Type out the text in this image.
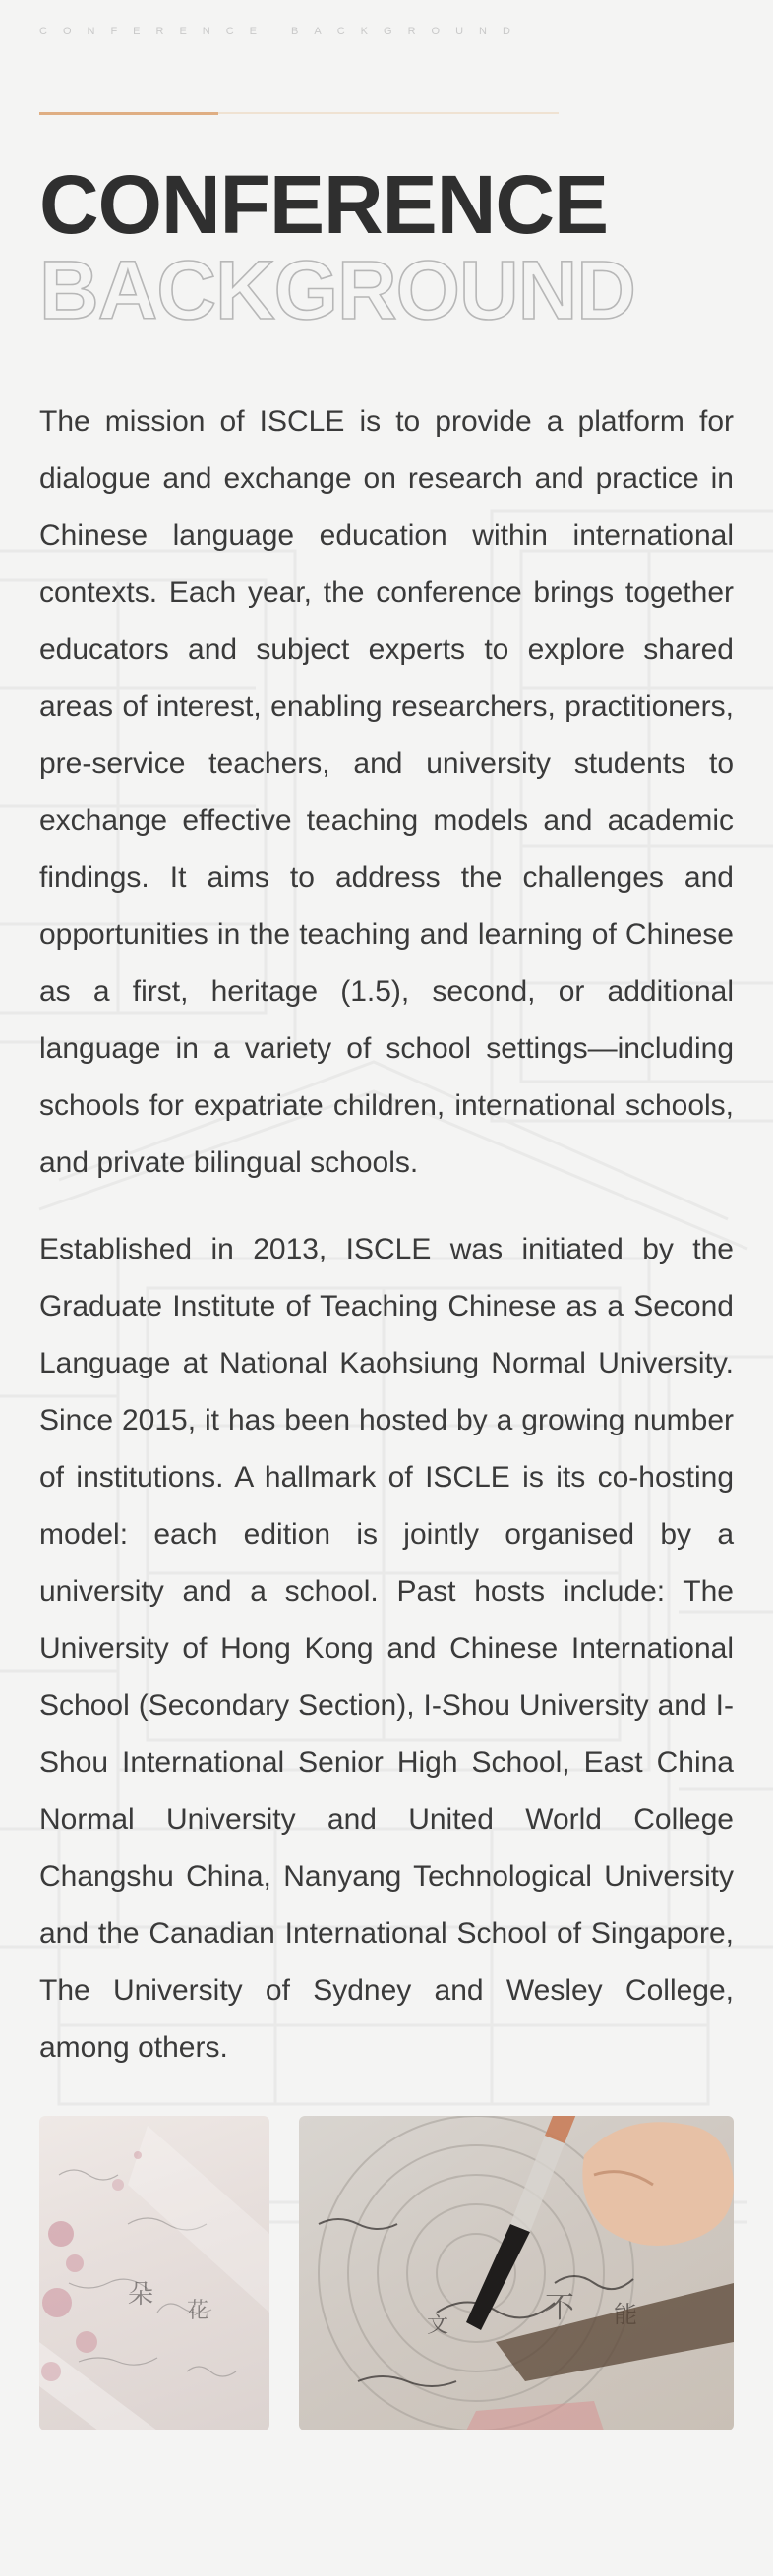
CONFERENCE BACKGROUND
CONFERENCE
BACKGROUND

The mission of ISCLE is to provide a platform for dialogue and exchange on research and practice in Chinese language education within international contexts. Each year, the conference brings together educators and subject experts to explore shared areas of interest, enabling researchers, practitioners, pre-service teachers, and university students to exchange effective teaching models and academic findings. It aims to address the challenges and opportunities in the teaching and learning of Chinese as a first, heritage (1.5), second, or additional language in a variety of school settings—including schools for expatriate children, international schools, and private bilingual schools.

Established in 2013, ISCLE was initiated by the Graduate Institute of Teaching Chinese as a Second Language at National Kaohsiung Normal University. Since 2015, it has been hosted by a growing number of institutions. A hallmark of ISCLE is its co-hosting model: each edition is jointly organised by a university and a school. Past hosts include: The University of Hong Kong and Chinese International School (Secondary Section), I-Shou University and I-Shou International Senior High School, East China Normal University and United World College Changshu China, Nanyang Technological University and the Canadian International School of Singapore, The University of Sydney and Wesley College, among others.

朵
花	不
文
